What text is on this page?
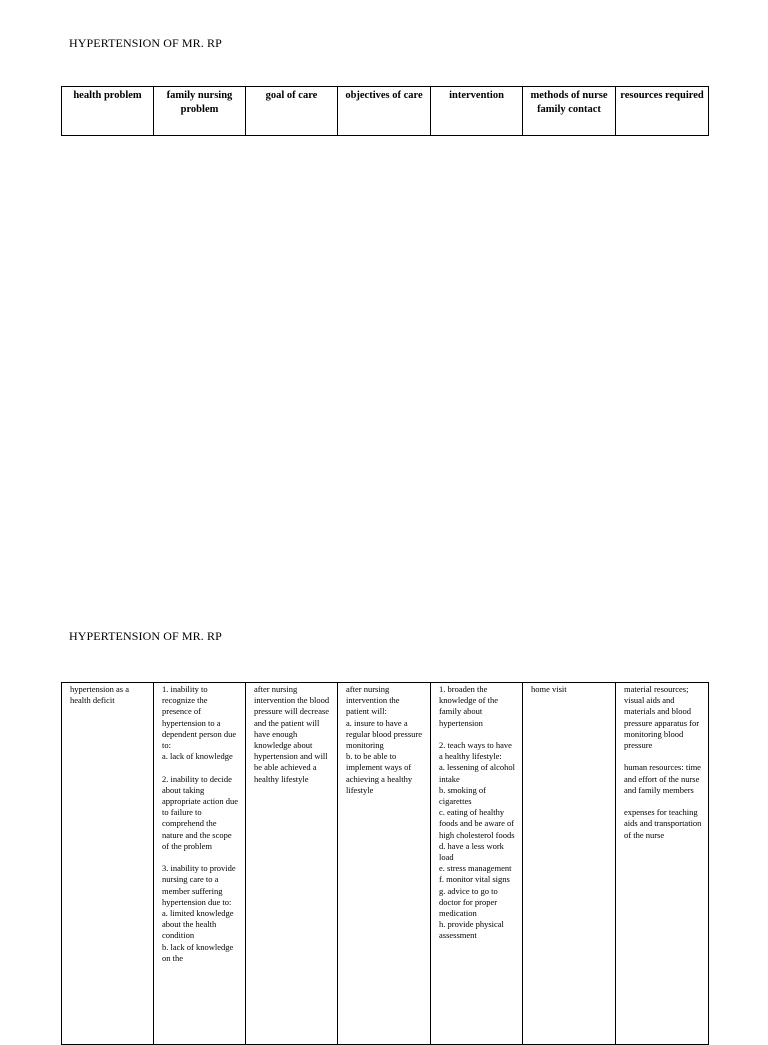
HYPERTENSION OF MR. RP
health problem	family nursing problem	goal of care	objectives of care	intervention	methods of nurse family contact	resources required
HYPERTENSION OF MR. RP
hypertension as a health deficit	1. inability to recognize the presence of hypertension to a dependent person due to:
a. lack of knowledge

2. inability to decide about taking appropriate action due to failure to comprehend the nature and the scope of the problem

3. inability to provide nursing care to a member suffering hypertension due to:
a. limited knowledge about the health condition
b. lack of knowledge on the	after nursing intervention the blood pressure will decrease and the patient will have enough knowledge about hypertension and will be able achieved a healthy lifestyle	after nursing intervention the patient will:
a. insure to have a regular blood pressure monitoring
b. to be able to implement ways of achieving a healthy lifestyle	1. broaden the knowledge of the family about hypertension

2. teach ways to have a healthy lifestyle:
a. lessening of alcohol intake
b. smoking of cigarettes
c. eating of healthy foods and be aware of high cholesterol foods
d. have a less work load
e. stress management
f. monitor vital signs
g. advice to go to doctor for proper medication
h. provide physical assessment	home visit	material resources; visual aids and materials and blood pressure apparatus for monitoring blood pressure

human resources: time and effort of the nurse and family members

expenses for teaching aids and transportation of the nurse
